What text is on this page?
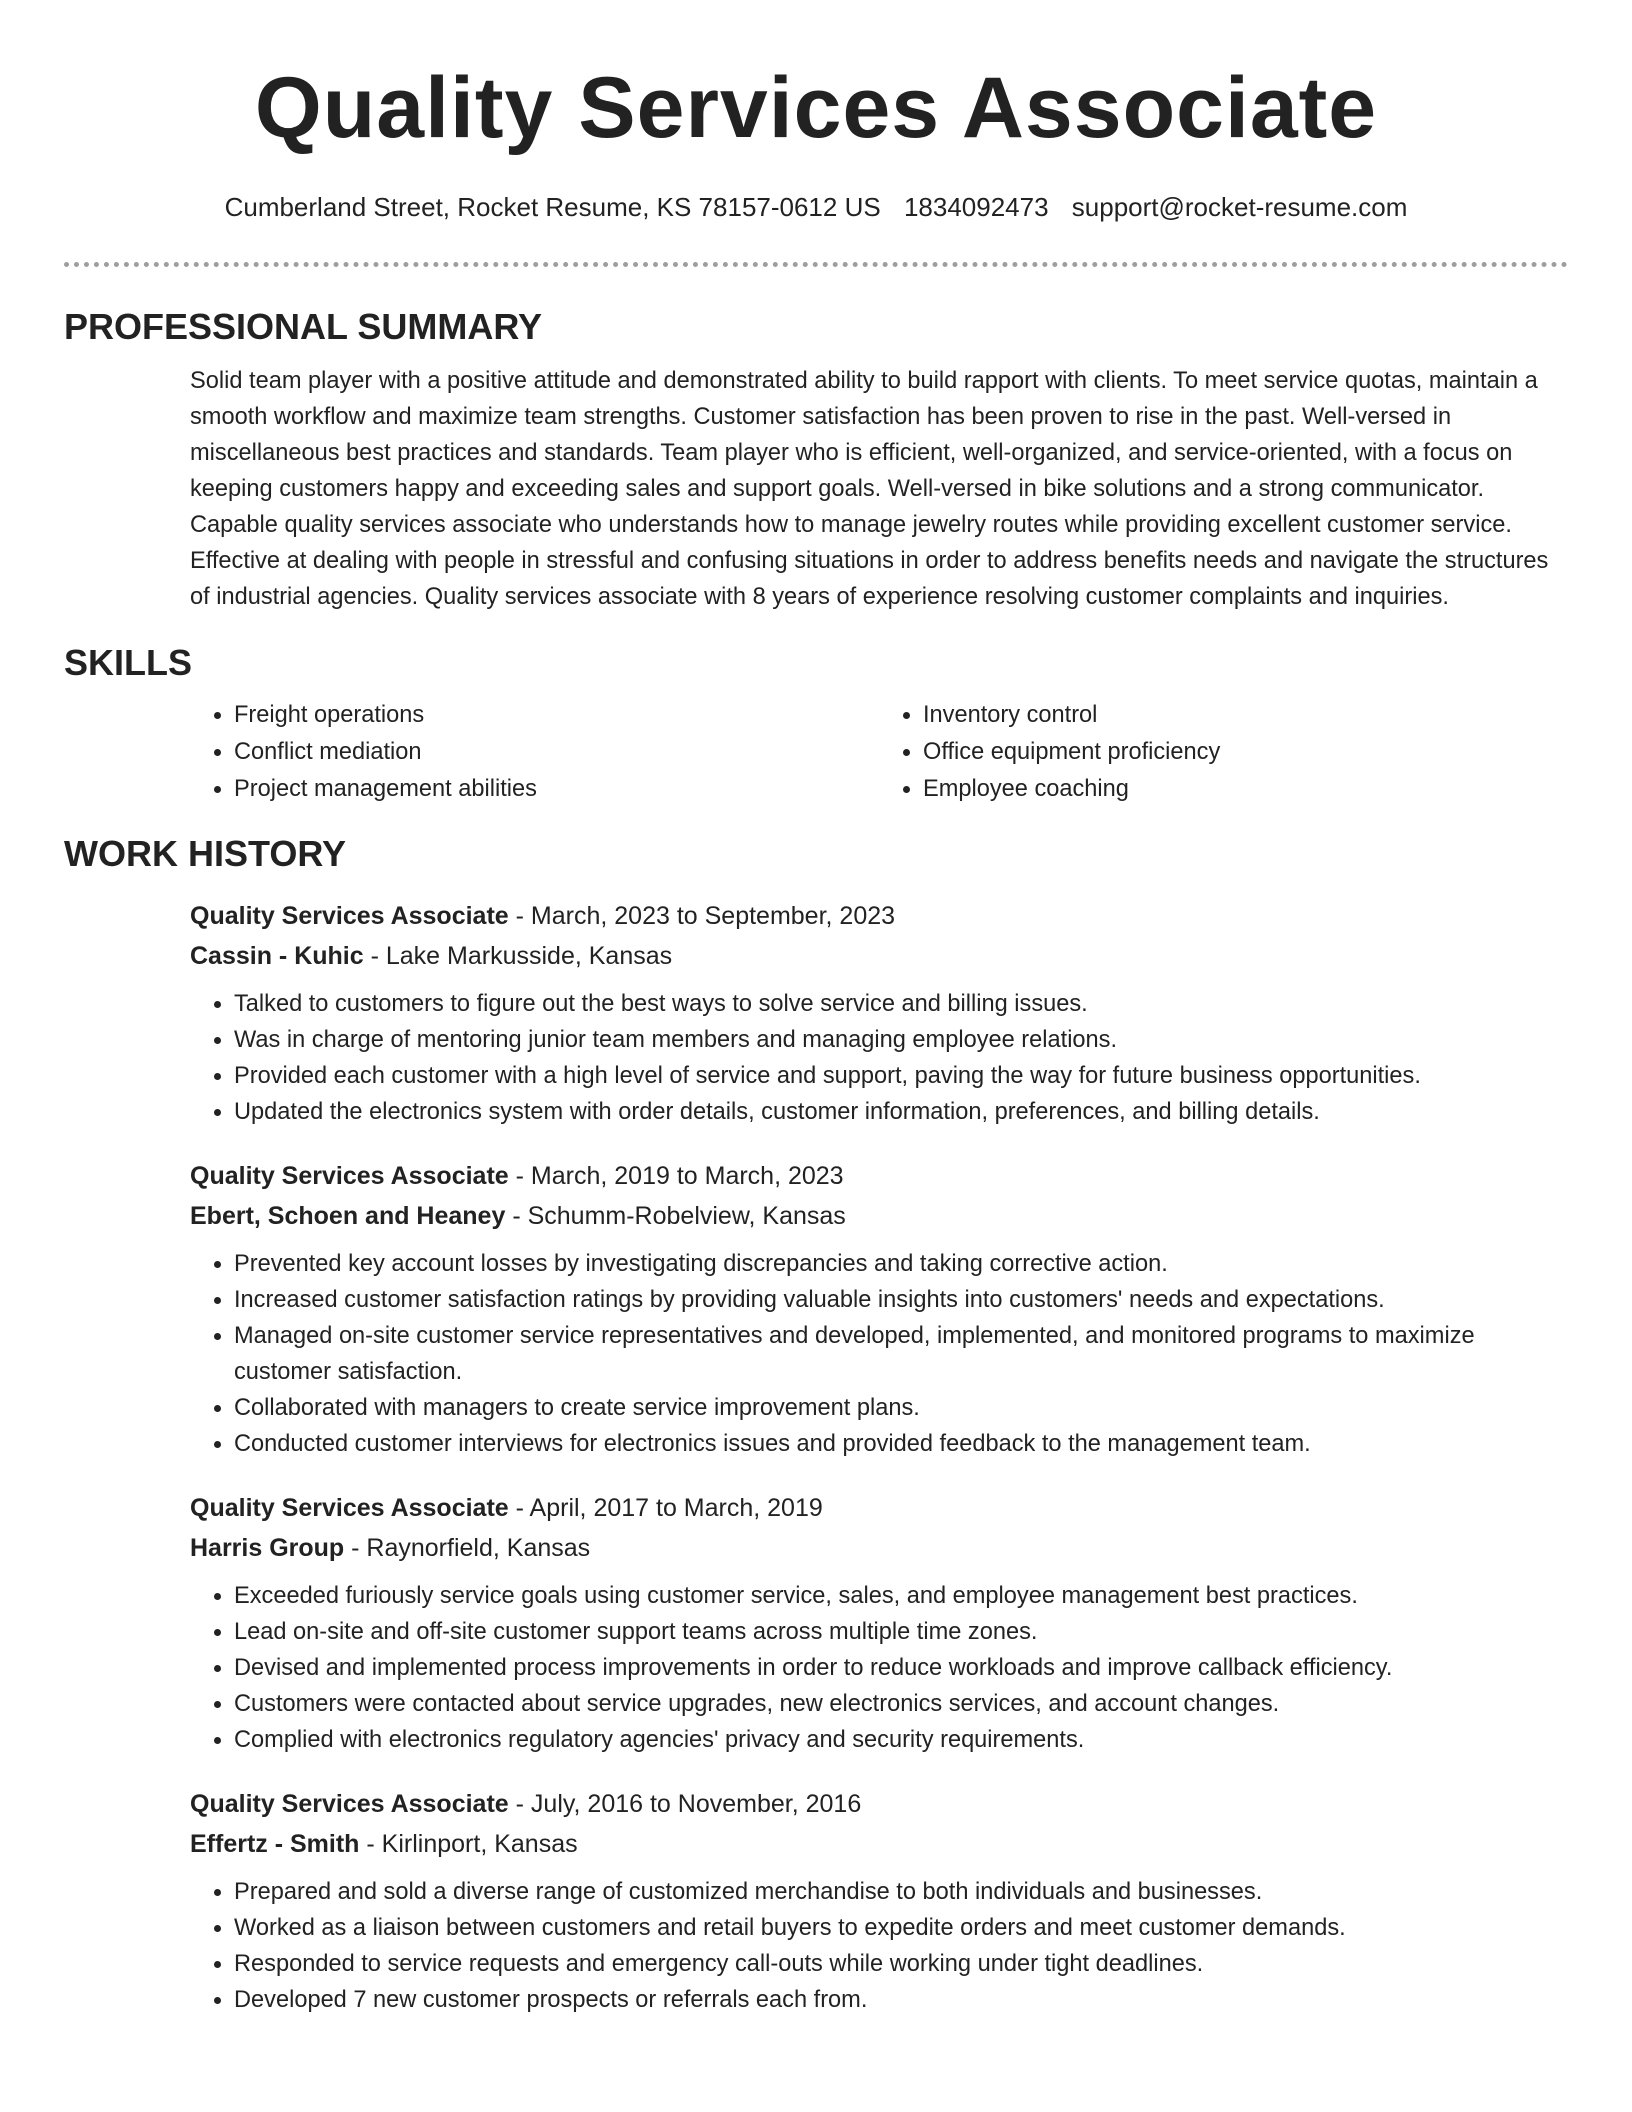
Quality Services Associate
Cumberland Street, Rocket Resume, KS 78157-0612 US 1834092473 support@rocket-resume.com
PROFESSIONAL SUMMARY

Solid team player with a positive attitude and demonstrated ability to build rapport with clients. To meet service quotas, maintain a smooth workflow and maximize team strengths. Customer satisfaction has been proven to rise in the past. Well-versed in miscellaneous best practices and standards. Team player who is efficient, well-organized, and service-oriented, with a focus on keeping customers happy and exceeding sales and support goals. Well-versed in bike solutions and a strong communicator. Capable quality services associate who understands how to manage jewelry routes while providing excellent customer service. Effective at dealing with people in stressful and confusing situations in order to address benefits needs and navigate the structures of industrial agencies. Quality services associate with 8 years of experience resolving customer complaints and inquiries.

SKILLS
• Freight operations
• Conflict mediation
• Project management abilities
• Inventory control
• Office equipment proficiency
• Employee coaching
WORK HISTORY
Quality Services Associate - March, 2023 to September, 2023
Cassin - Kuhic - Lake Markusside, Kansas
• Talked to customers to figure out the best ways to solve service and billing issues.
• Was in charge of mentoring junior team members and managing employee relations.
• Provided each customer with a high level of service and support, paving the way for future business opportunities.
• Updated the electronics system with order details, customer information, preferences, and billing details.
Quality Services Associate - March, 2019 to March, 2023
Ebert, Schoen and Heaney - Schumm-Robelview, Kansas
• Prevented key account losses by investigating discrepancies and taking corrective action.
• Increased customer satisfaction ratings by providing valuable insights into customers' needs and expectations.
• Managed on-site customer service representatives and developed, implemented, and monitored programs to maximize customer satisfaction.
• Collaborated with managers to create service improvement plans.
• Conducted customer interviews for electronics issues and provided feedback to the management team.
Quality Services Associate - April, 2017 to March, 2019
Harris Group - Raynorfield, Kansas
• Exceeded furiously service goals using customer service, sales, and employee management best practices.
• Lead on-site and off-site customer support teams across multiple time zones.
• Devised and implemented process improvements in order to reduce workloads and improve callback efficiency.
• Customers were contacted about service upgrades, new electronics services, and account changes.
• Complied with electronics regulatory agencies' privacy and security requirements.
Quality Services Associate - July, 2016 to November, 2016
Effertz - Smith - Kirlinport, Kansas
• Prepared and sold a diverse range of customized merchandise to both individuals and businesses.
• Worked as a liaison between customers and retail buyers to expedite orders and meet customer demands.
• Responded to service requests and emergency call-outs while working under tight deadlines.
• Developed 7 new customer prospects or referrals each from.
